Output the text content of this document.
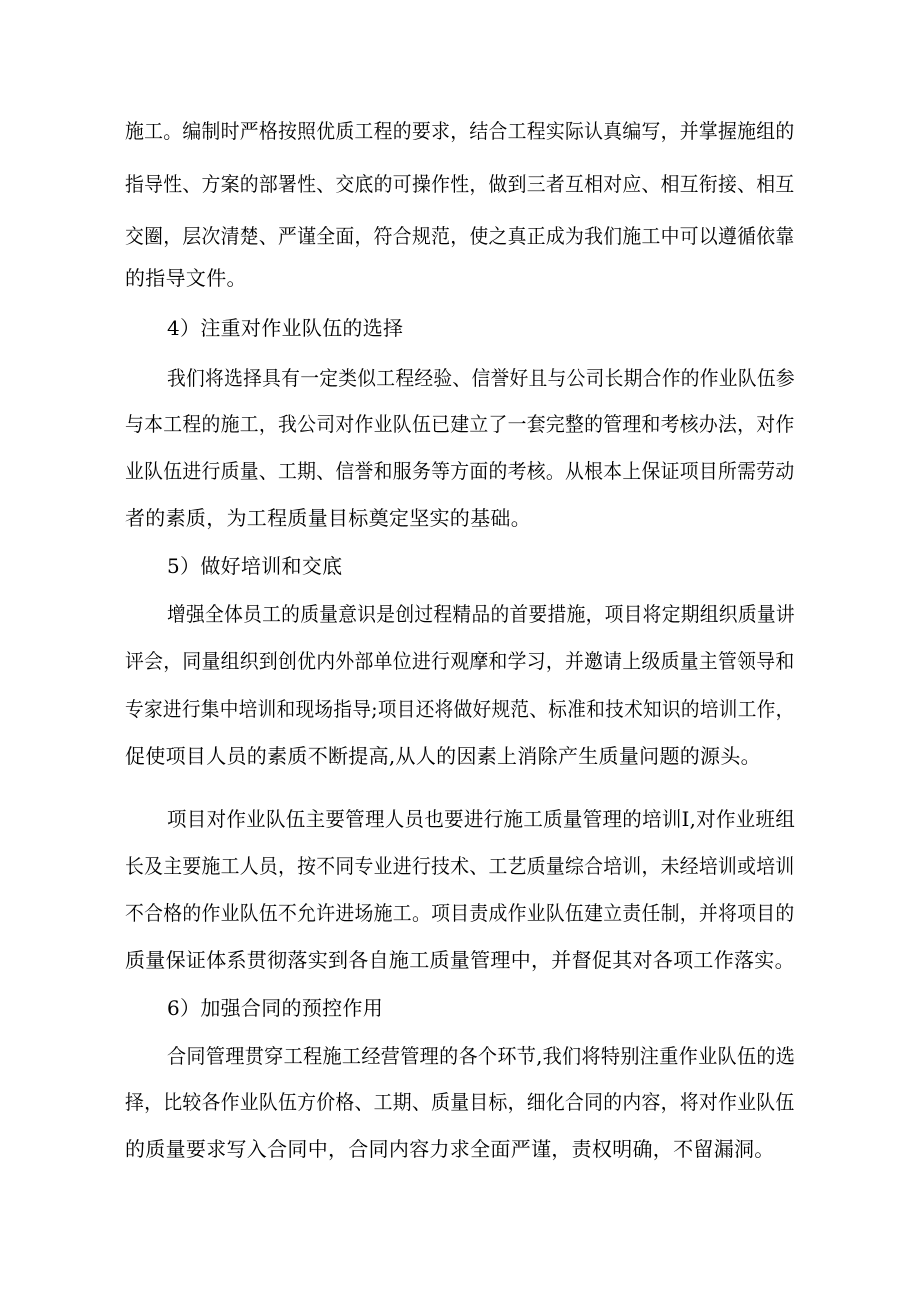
施工。编制时严格按照优质工程的要求，结合工程实际认真编写，并掌握施组的
指导性、方案的部署性、交底的可操作性，做到三者互相对应、相互衔接、相互
交圈，层次清楚、严谨全面，符合规范，使之真正成为我们施工中可以遵循依靠
的指导文件。
4）注重对作业队伍的选择
我们将选择具有一定类似工程经验、信誉好且与公司长期合作的作业队伍参
与本工程的施工，我公司对作业队伍已建立了一套完整的管理和考核办法，对作
业队伍进行质量、工期、信誉和服务等方面的考核。从根本上保证项目所需劳动
者的素质，为工程质量目标奠定坚实的基础。
5）做好培训和交底
增强全体员工的质量意识是创过程精品的首要措施，项目将定期组织质量讲
评会，同量组织到创优内外部单位进行观摩和学习，并邀请上级质量主管领导和
专家进行集中培训和现场指导;项目还将做好规范、标准和技术知识的培训工作，
促使项目人员的素质不断提高,从人的因素上消除产生质量问题的源头。
项目对作业队伍主要管理人员也要进行施工质量管理的培训Ⅰ,对作业班组
长及主要施工人员，按不同专业进行技术、工艺质量综合培训，未经培训或培训
不合格的作业队伍不允许进场施工。项目责成作业队伍建立责任制，并将项目的
质量保证体系贯彻落实到各自施工质量管理中，并督促其对各项工作落实。
6）加强合同的预控作用
合同管理贯穿工程施工经营管理的各个环节,我们将特别注重作业队伍的选
择，比较各作业队伍方价格、工期、质量目标，细化合同的内容，将对作业队伍
的质量要求写入合同中，合同内容力求全面严谨，责权明确，不留漏洞。
